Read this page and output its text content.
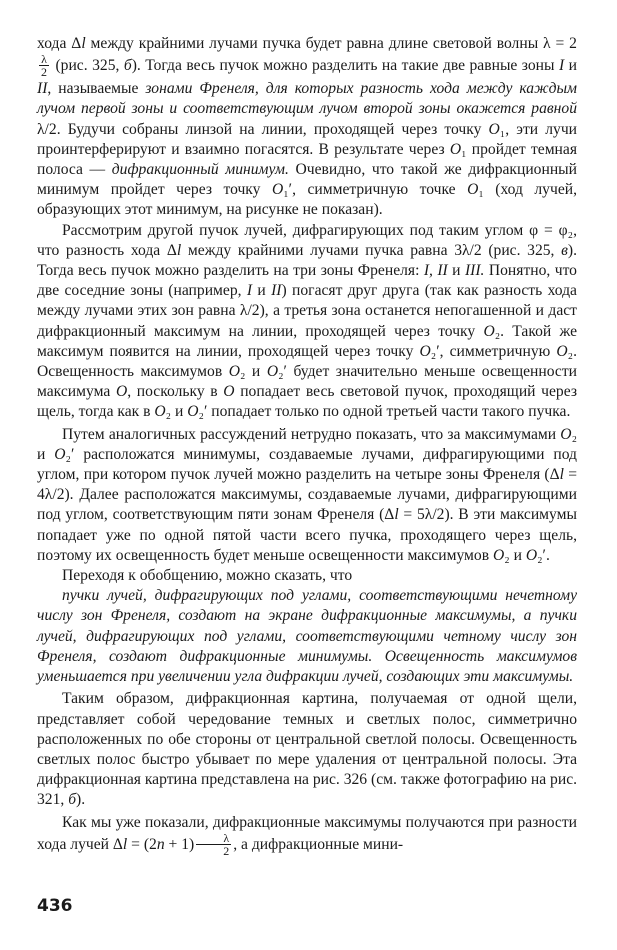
хода Δl между крайними лучами пучка будет равна длине световой волны λ = 2
$\frac{\lambda}{2} (рис$. 325, б). Тогда весь пучок можно разделить на такие две равные зоны I и II, называемые зонами Френеля, для которых разность хода между каждым лучом первой зоны и соответствующим лучом второй зоны окажется равной λ/2. Будучи собраны линзой на линии, проходящей через точку O₁, эти лучи проинтерферируют и взаимно погасятся. В результате через O₁ пройдет темная полоса — дифракционный минимум. Очевидно, что такой же дифракционный минимум пройдет через точку O₁′, симметричную точке O₁ (ход лучей, образующих этот минимум, на рисунке не показан).

Рассмотрим другой пучок лучей, дифрагирующих под таким углом φ = φ₂, что разность хода Δl между крайними лучами пучка равна 3λ/2 (рис. 325, в). Тогда весь пучок можно разделить на три зоны Френеля: I, II и III. Понятно, что две соседние зоны (например, I и II) погасят друг друга (так как разность хода между лучами этих зон равна λ/2), а третья зона останется непогашенной и даст дифракционный максимум на линии, проходящей через точку O₂. Такой же максимум появится на линии, проходящей через точку O₂′, симметричную O₂. Освещенность максимумов O₂ и O₂′ будет значительно меньше освещенности максимума O, поскольку в O попадает весь световой пучок, проходящий через щель, тогда как в O₂ и O₂′ попадает только по одной третьей части такого пучка.

Путем аналогичных рассуждений нетрудно показать, что за максимумами O₂ и O₂′ расположатся минимумы, создаваемые лучами, дифрагирующими под углом, при котором пучок лучей можно разделить на четыре зоны Френеля (Δl = 4λ/2). Далее расположатся максимумы, создаваемые лучами, дифрагирующими под углом, соответствующим пяти зонам Френеля (Δl = 5λ/2). В эти максимумы попадает уже по одной пятой части всего пучка, проходящего через щель, поэтому их освещенность будет меньше освещенности максимумов O₂ и O₂′.

Переходя к обобщению, можно сказать, что

пучки лучей, дифрагирующих под углами, соответствующими нечетному числу зон Френеля, создают на экране дифракционные максимумы, а пучки лучей, дифрагирующих под углами, соответствующими четному числу зон Френеля, создают дифракционные минимумы. Освещенность максимумов уменьшается при увеличении угла дифракции лучей, создающих эти максимумы.

Таким образом, дифракционная картина, получаемая от одной щели, представляет собой чередование темных и светлых полос, симметрично расположенных по обе стороны от центральной светлой полосы. Освещенность светлых полос быстро убывает по мере удаления от центральной полосы. Эта дифракционная картина представлена на рис. 326 (см. также фотографию на рис. 321, б).

Как мы уже показали, дифракционные максимумы получаются при разности хода лучей $\Delta l = (2n + 1) \frac{\lambda}{2}$ , а дифракционные мини-

436
